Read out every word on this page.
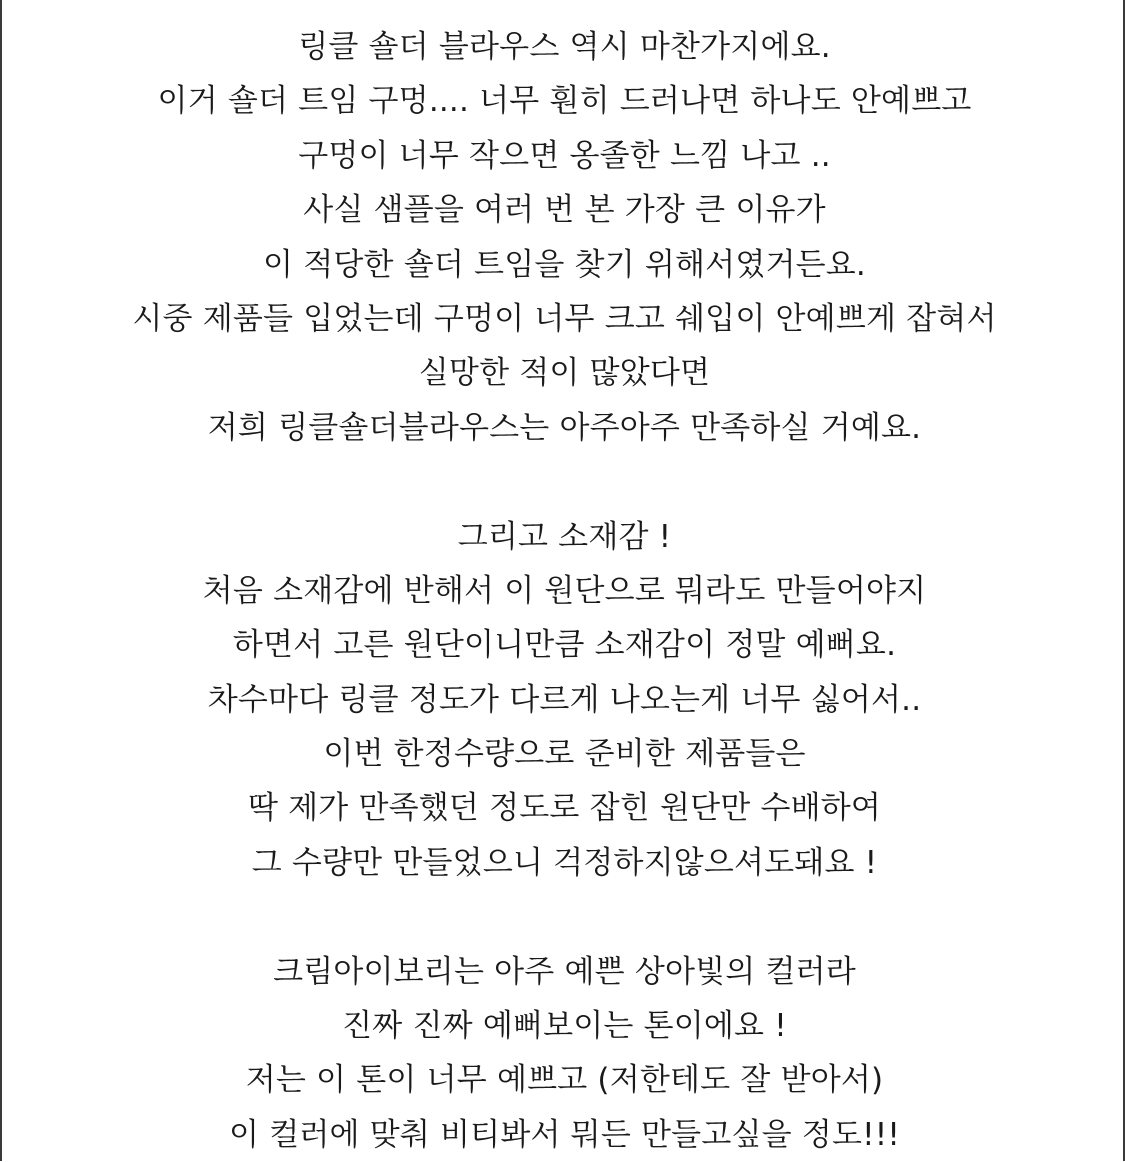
링클 숄더 블라우스 역시 마찬가지에요.
이거 숄더 트임 구멍.... 너무 훤히 드러나면 하나도 안예쁘고
구멍이 너무 작으면 옹졸한 느낌 나고 ..
사실 샘플을 여러 번 본 가장 큰 이유가
이 적당한 숄더 트임을 찾기 위해서였거든요.
시중 제품들 입었는데 구멍이 너무 크고 쉐입이 안예쁘게 잡혀서
실망한 적이 많았다면
저희 링클숄더블라우스는 아주아주 만족하실 거예요.
그리고 소재감 !
처음 소재감에 반해서 이 원단으로 뭐라도 만들어야지
하면서 고른 원단이니만큼 소재감이 정말 예뻐요.
차수마다 링클 정도가 다르게 나오는게 너무 싫어서..
이번 한정수량으로 준비한 제품들은
딱 제가 만족했던 정도로 잡힌 원단만 수배하여
그 수량만 만들었으니 걱정하지않으셔도돼요 !
크림아이보리는 아주 예쁜 상아빛의 컬러라
진짜 진짜 예뻐보이는 톤이에요 !
저는 이 톤이 너무 예쁘고 (저한테도 잘 받아서)
이 컬러에 맞춰 비티봐서 뭐든 만들고싶을 정도!!!
